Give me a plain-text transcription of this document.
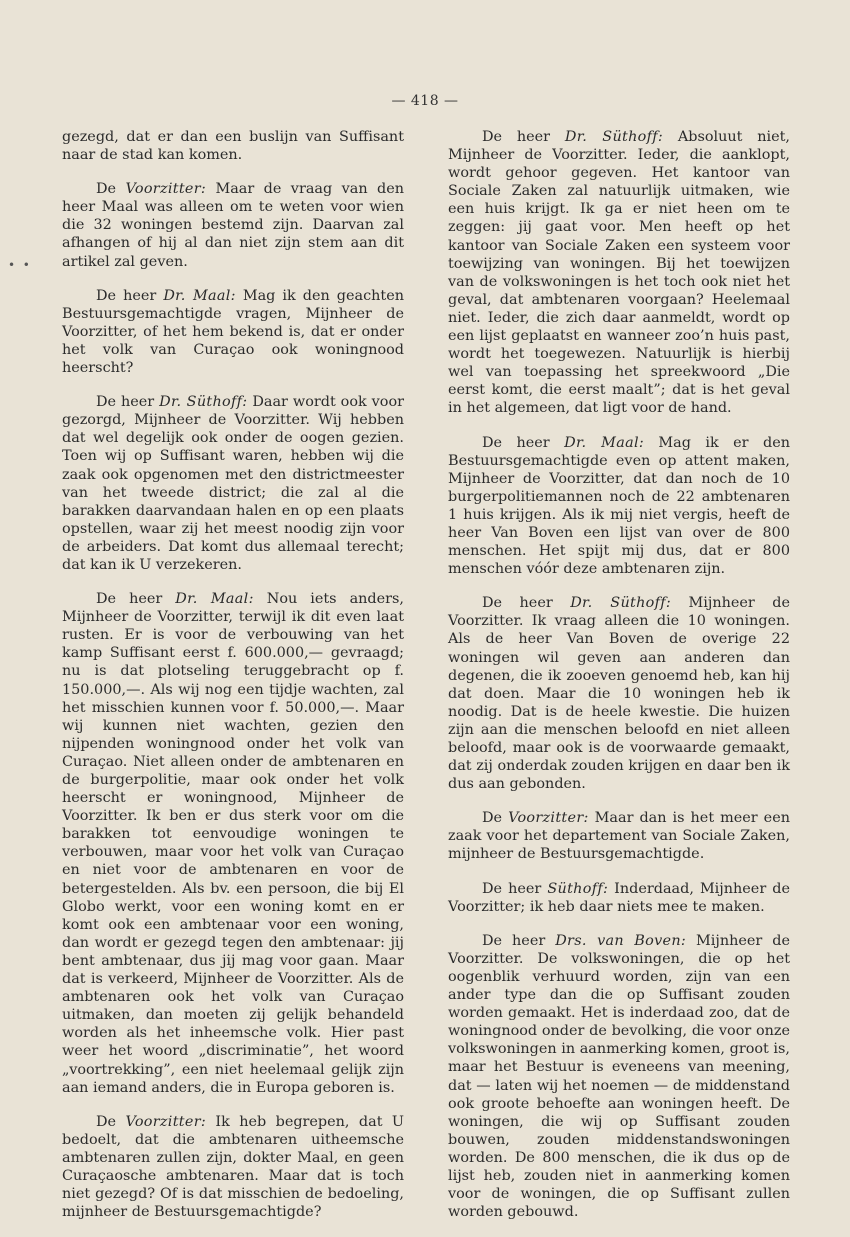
— 418 —
•  •

gezegd, dat er dan een buslijn van Suffisant naar de stad kan komen.

De Voorzitter: Maar de vraag van den heer Maal was alleen om te weten voor wien die 32 woningen bestemd zijn. Daarvan zal afhangen of hij al dan niet zijn stem aan dit artikel zal geven.

De heer Dr. Maal: Mag ik den geachten Bestuursgemachtigde vragen, Mijnheer de Voorzitter, of het hem bekend is, dat er onder het volk van Curaçao ook woningnood heerscht?

De heer Dr. Süthoff: Daar wordt ook voor gezorgd, Mijnheer de Voorzitter. Wij hebben dat wel degelijk ook onder de oogen gezien. Toen wij op Suffisant waren, hebben wij die zaak ook opgenomen met den districtmeester van het tweede district; die zal al die barakken daarvandaan halen en op een plaats opstellen, waar zij het meest noodig zijn voor de arbeiders. Dat komt dus allemaal terecht; dat kan ik U verzekeren.

De heer Dr. Maal: Nou iets anders, Mijnheer de Voorzitter, terwijl ik dit even laat rusten. Er is voor de verbouwing van het kamp Suffisant eerst f. 600.000,— gevraagd; nu is dat plotseling teruggebracht op f. 150.000,—. Als wij nog een tijdje wachten, zal het misschien kunnen voor f. 50.000,—. Maar wij kunnen niet wachten, gezien den nijpenden woningnood onder het volk van Curaçao. Niet alleen onder de ambtenaren en de burgerpolitie, maar ook onder het volk heerscht er woningnood, Mijnheer de Voorzitter. Ik ben er dus sterk voor om die barakken tot eenvoudige woningen te verbouwen, maar voor het volk van Curaçao en niet voor de ambtenaren en voor de betergestelden. Als bv. een persoon, die bij El Globo werkt, voor een woning komt en er komt ook een ambtenaar voor een woning, dan wordt er gezegd tegen den ambtenaar: jij bent ambtenaar, dus jij mag voor gaan. Maar dat is verkeerd, Mijnheer de Voorzitter. Als de ambtenaren ook het volk van Curaçao uitmaken, dan moeten zij gelijk behandeld worden als het inheemsche volk. Hier past weer het woord „discriminatie”, het woord „voortrekking”, een niet heelemaal gelijk zijn aan iemand anders, die in Europa geboren is.

De Voorzitter: Ik heb begrepen, dat U bedoelt, dat die ambtenaren uitheemsche ambtenaren zullen zijn, dokter Maal, en geen Curaçaosche ambtenaren. Maar dat is toch niet gezegd? Of is dat misschien de bedoeling, mijnheer de Bestuursgemachtigde?

De heer Dr. Süthoff: Absoluut niet, Mijnheer de Voorzitter. Ieder, die aanklopt, wordt gehoor gegeven. Het kantoor van Sociale Zaken zal natuurlijk uitmaken, wie een huis krijgt. Ik ga er niet heen om te zeggen: jij gaat voor. Men heeft op het kantoor van Sociale Zaken een systeem voor toewijzing van woningen. Bij het toewijzen van de volkswoningen is het toch ook niet het geval, dat ambtenaren voorgaan? Heelemaal niet. Ieder, die zich daar aanmeldt, wordt op een lijst geplaatst en wanneer zoo’n huis past, wordt het toegewezen. Natuurlijk is hierbij wel van toepassing het spreekwoord „Die eerst komt, die eerst maalt”; dat is het geval in het algemeen, dat ligt voor de hand.

De heer Dr. Maal: Mag ik er den Bestuursgemachtigde even op attent maken, Mijnheer de Voorzitter, dat dan noch de 10 burgerpolitiemannen noch de 22 ambtenaren 1 huis krijgen. Als ik mij niet vergis, heeft de heer Van Boven een lijst van over de 800 menschen. Het spijt mij dus, dat er 800 menschen vóór deze ambtenaren zijn.

De heer Dr. Süthoff: Mijnheer de Voorzitter. Ik vraag alleen die 10 woningen. Als de heer Van Boven de overige 22 woningen wil geven aan anderen dan degenen, die ik zooeven genoemd heb, kan hij dat doen. Maar die 10 woningen heb ik noodig. Dat is de heele kwestie. Die huizen zijn aan die menschen beloofd en niet alleen beloofd, maar ook is de voorwaarde gemaakt, dat zij onderdak zouden krijgen en daar ben ik dus aan gebonden.

De Voorzitter: Maar dan is het meer een zaak voor het departement van Sociale Zaken, mijnheer de Bestuursgemachtigde.

De heer Süthoff: Inderdaad, Mijnheer de Voorzitter; ik heb daar niets mee te maken.

De heer Drs. van Boven: Mijnheer de Voorzitter. De volkswoningen, die op het oogenblik verhuurd worden, zijn van een ander type dan die op Suffisant zouden worden gemaakt. Het is inderdaad zoo, dat de woningnood onder de bevolking, die voor onze volkswoningen in aanmerking komen, groot is, maar het Bestuur is eveneens van meening, dat — laten wij het noemen — de middenstand ook groote behoefte aan woningen heeft. De woningen, die wij op Suffisant zouden bouwen, zouden middenstandswoningen worden. De 800 menschen, die ik dus op de lijst heb, zouden niet in aanmerking komen voor de woningen, die op Suffisant zullen worden gebouwd.
